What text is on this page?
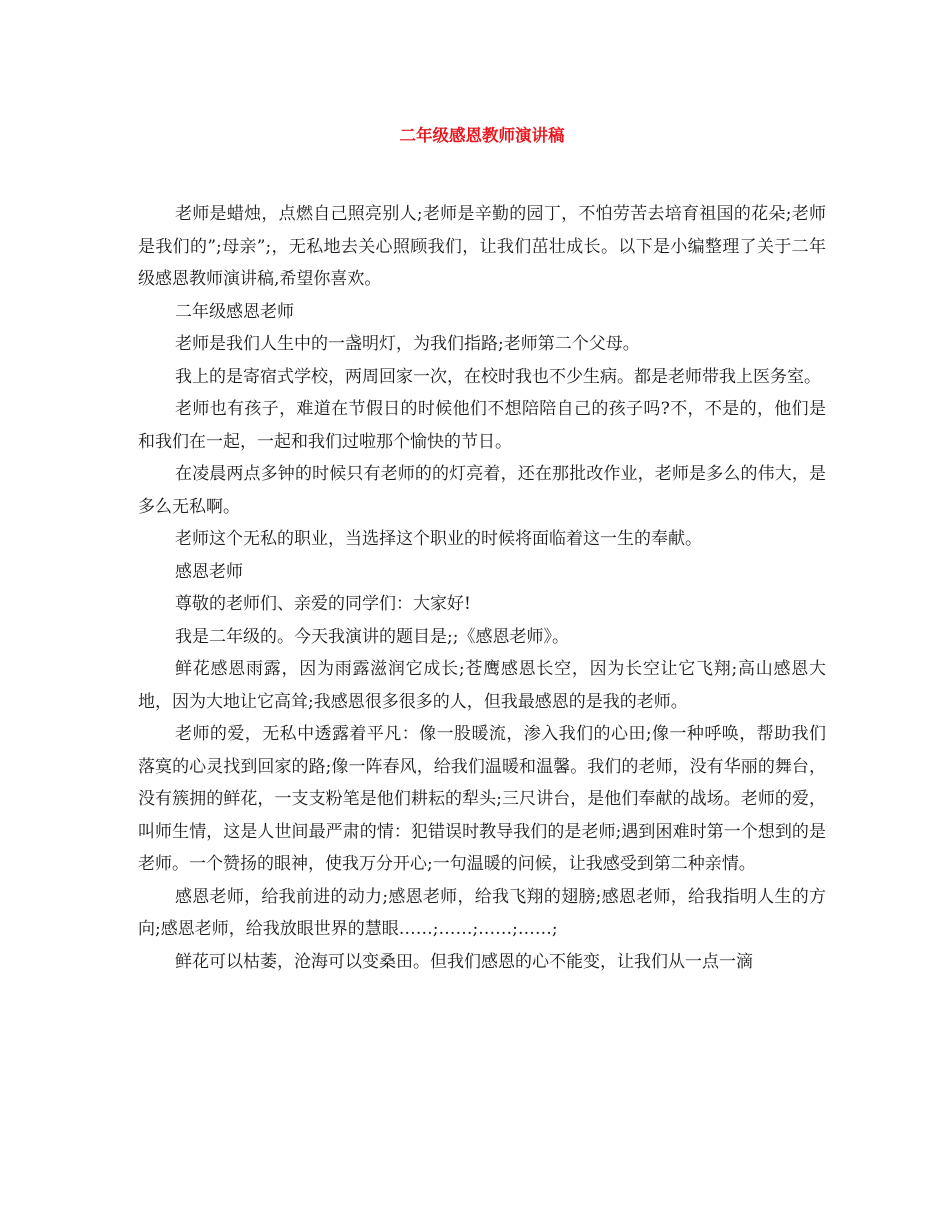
二年级感恩教师演讲稿

老师是蜡烛，点燃自己照亮别人;老师是辛勤的园丁，不怕劳苦去培育祖国的花朵;老师是我们的”;母亲”;，无私地去关心照顾我们，让我们茁壮成长。以下是小编整理了关于二年级感恩教师演讲稿,希望你喜欢。

二年级感恩老师

老师是我们人生中的一盏明灯，为我们指路;老师第二个父母。

我上的是寄宿式学校，两周回家一次，在校时我也不少生病。都是老师带我上医务室。

老师也有孩子，难道在节假日的时候他们不想陪陪自己的孩子吗?不，不是的，他们是和我们在一起，一起和我们过啦那个愉快的节日。

在凌晨两点多钟的时候只有老师的的灯亮着，还在那批改作业，老师是多么的伟大，是多么无私啊。

老师这个无私的职业，当选择这个职业的时候将面临着这一生的奉献。

感恩老师

尊敬的老师们、亲爱的同学们：大家好!

我是二年级的。今天我演讲的题目是;;《感恩老师》。

鲜花感恩雨露，因为雨露滋润它成长;苍鹰感恩长空，因为长空让它飞翔;高山感恩大地，因为大地让它高耸;我感恩很多很多的人，但我最感恩的是我的老师。

老师的爱，无私中透露着平凡：像一股暖流，渗入我们的心田;像一种呼唤，帮助我们落寞的心灵找到回家的路;像一阵春风，给我们温暖和温馨。我们的老师，没有华丽的舞台，没有簇拥的鲜花，一支支粉笔是他们耕耘的犁头;三尺讲台，是他们奉献的战场。老师的爱，叫师生情，这是人世间最严肃的情：犯错误时教导我们的是老师;遇到困难时第一个想到的是老师。一个赞扬的眼神，使我万分开心;一句温暖的问候，让我感受到第二种亲情。

感恩老师，给我前进的动力;感恩老师，给我飞翔的翅膀;感恩老师，给我指明人生的方向;感恩老师，给我放眼世界的慧眼……;……;……;……;

鲜花可以枯萎，沧海可以变桑田。但我们感恩的心不能变，让我们从一点一滴
